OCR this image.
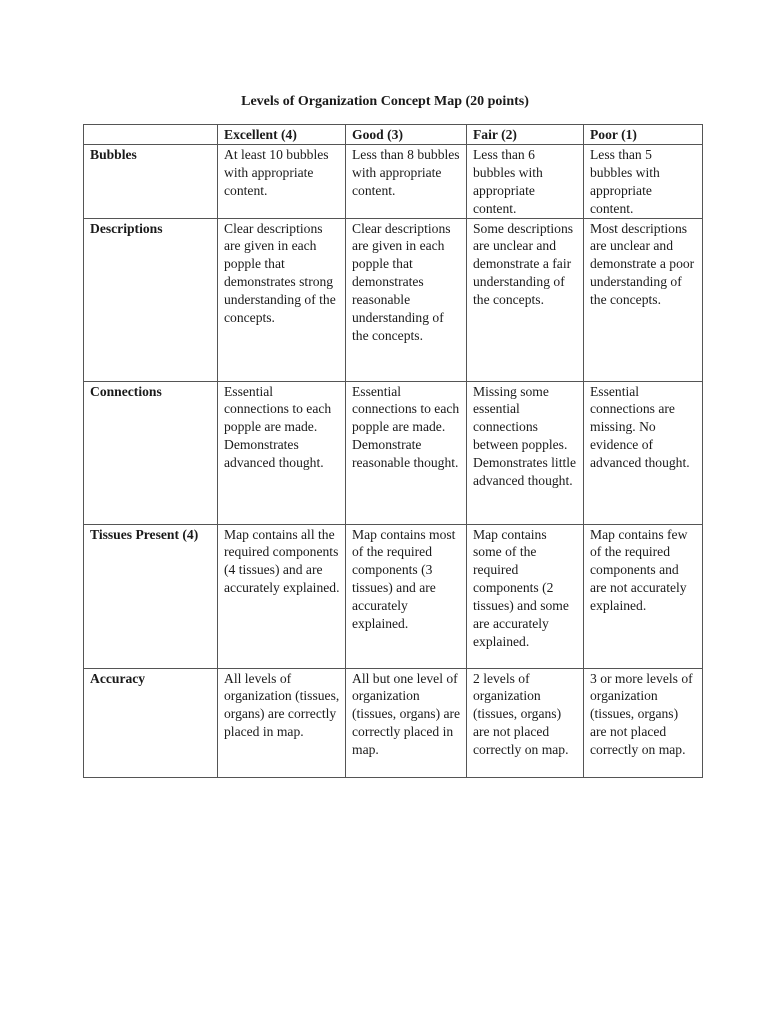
Levels of Organization Concept Map (20 points)
	Excellent (4)	Good (3)	Fair (2)	Poor (1)
Bubbles	At least 10 bubbles with appropriate content.	Less than 8 bubbles with appropriate content.	Less than 6 bubbles with appropriate content.	Less than 5 bubbles with appropriate content.
Descriptions	Clear descriptions are given in each popple that demonstrates strong understanding of the concepts.	Clear descriptions are given in each popple that demonstrates reasonable understanding of the concepts.	Some descriptions are unclear and demonstrate a fair understanding of the concepts.	Most descriptions are unclear and demonstrate a poor understanding of the concepts.
Connections	Essential connections to each popple are made. Demonstrates advanced thought.	Essential connections to each popple are made. Demonstrate reasonable thought.	Missing some essential connections between popples. Demonstrates little advanced thought.	Essential connections are missing. No evidence of advanced thought.
Tissues Present (4)	Map contains all the required components (4 tissues) and are accurately explained.	Map contains most of the required components (3 tissues) and are accurately explained.	Map contains some of the required components (2 tissues) and some are accurately explained.	Map contains few of the required components and are not accurately explained.
Accuracy	All levels of organization (tissues, organs) are correctly placed in map.	All but one level of organization (tissues, organs) are correctly placed in map.	2 levels of organization (tissues, organs) are not placed correctly on map.	3 or more levels of organization (tissues, organs) are not placed correctly on map.
